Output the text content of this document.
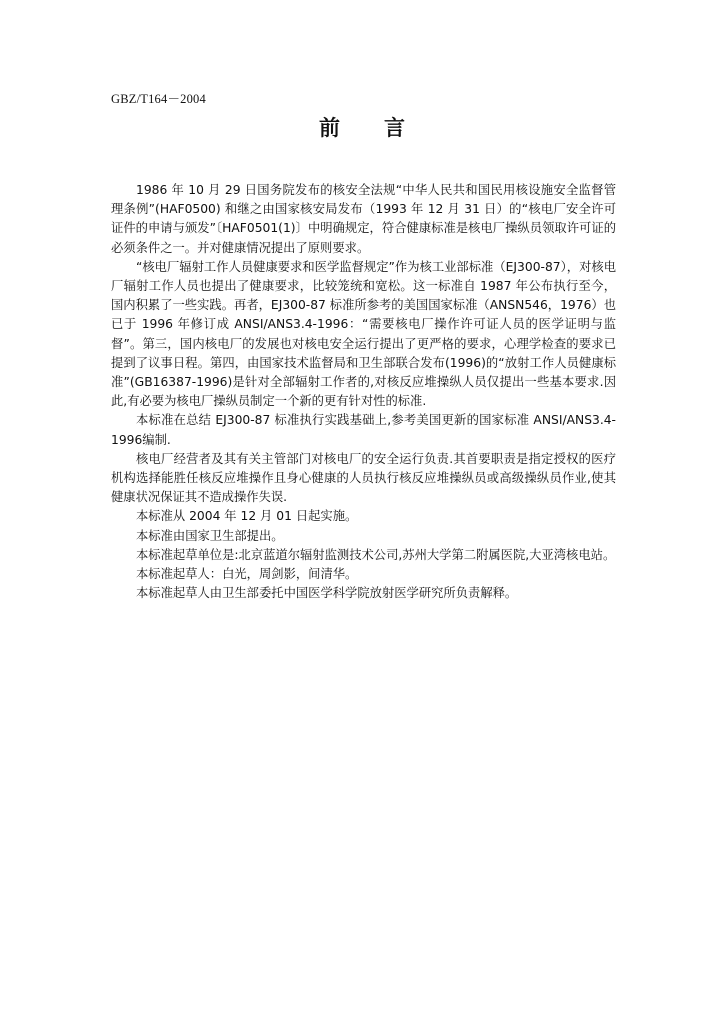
GBZ/T164－2004
前言

1986 年 10 月 29 日国务院发布的核安全法规“中华人民共和国民用核设施安全监督管理条例”(HAF0500) 和继之由国家核安局发布（1993 年 12 月 31 日）的“核电厂安全许可证件的申请与颁发”〔HAF0501(1)〕中明确规定，符合健康标准是核电厂操纵员领取许可证的必须条件之一。并对健康情况提出了原则要求。

“核电厂辐射工作人员健康要求和医学监督规定”作为核工业部标准（EJ300-87），对核电厂辐射工作人员也提出了健康要求，比较笼统和宽松。这一标准自 1987 年公布执行至今，国内积累了一些实践。再者，EJ300-87 标准所参考的美国国家标准（ANSN546，1976）也已于 1996 年修订成 ANSI/ANS3.4-1996：“需要核电厂操作许可证人员的医学证明与监督”。第三，国内核电厂的发展也对核电安全运行提出了更严格的要求，心理学检查的要求已提到了议事日程。第四，由国家技术监督局和卫生部联合发布(1996)的“放射工作人员健康标准”(GB16387-1996)是针对全部辐射工作者的,对核反应堆操纵人员仅提出一些基本要求.因此,有必要为核电厂操纵员制定一个新的更有针对性的标准.

本标准在总结 EJ300-87 标准执行实践基础上,参考美国更新的国家标准 ANSI/ANS3.4-1996编制.

核电厂经营者及其有关主管部门对核电厂的安全运行负责.其首要职责是指定授权的医疗机构选择能胜任核反应堆操作且身心健康的人员执行核反应堆操纵员或高级操纵员作业,使其健康状况保证其不造成操作失误.

本标准从 2004 年 12 月 01 日起实施。

本标准由国家卫生部提出。

本标准起草单位是:北京蓝道尔辐射监测技术公司,苏州大学第二附属医院,大亚湾核电站。

本标准起草人：白光，周剑影，间清华。

本标准起草人由卫生部委托中国医学科学院放射医学研究所负责解释。
